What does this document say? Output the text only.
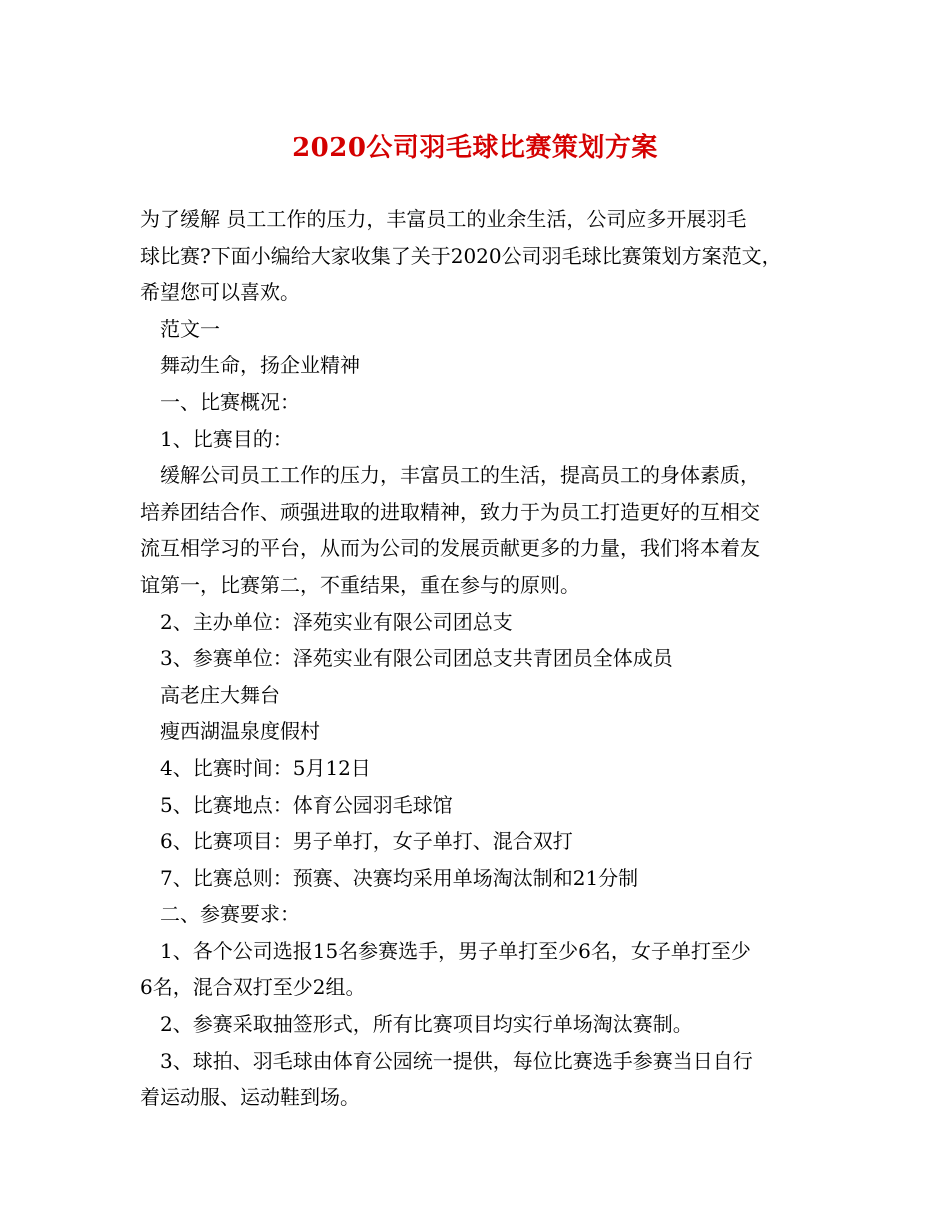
2020公司羽毛球比赛策划方案

为了缓解 员工工作的压力，丰富员工的业余生活，公司应多开展羽毛

球比赛?下面小编给大家收集了关于2020公司羽毛球比赛策划方案范文，

希望您可以喜欢。

范文一

舞动生命，扬企业精神

一、比赛概况：

1、比赛目的：

缓解公司员工工作的压力，丰富员工的生活，提高员工的身体素质，

培养团结合作、顽强进取的进取精神，致力于为员工打造更好的互相交

流互相学习的平台，从而为公司的发展贡献更多的力量，我们将本着友

谊第一，比赛第二，不重结果，重在参与的原则。

2、主办单位：泽苑实业有限公司团总支

3、参赛单位：泽苑实业有限公司团总支共青团员全体成员

高老庄大舞台

瘦西湖温泉度假村

4、比赛时间：5月12日

5、比赛地点：体育公园羽毛球馆

6、比赛项目：男子单打，女子单打、混合双打

7、比赛总则：预赛、决赛均采用单场淘汰制和21分制

二、参赛要求：

1、各个公司选报15名参赛选手，男子单打至少6名，女子单打至少

6名，混合双打至少2组。

2、参赛采取抽签形式，所有比赛项目均实行单场淘汰赛制。

3、球拍、羽毛球由体育公园统一提供，每位比赛选手参赛当日自行

着运动服、运动鞋到场。
